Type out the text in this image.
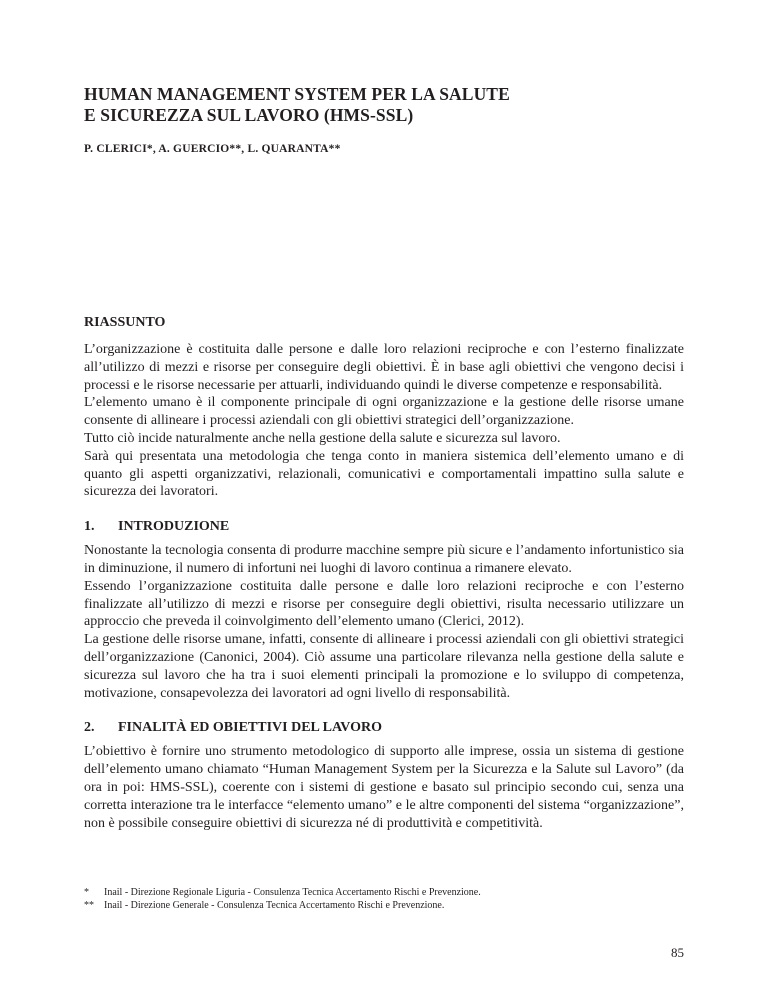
HUMAN MANAGEMENT SYSTEM PER LA SALUTE
E SICUREZZA SUL LAVORO (HMS-SSL)

P. CLERICI*, A. GUERCIO**, L. QUARANTA**

RIASSUNTO

L’organizzazione è costituita dalle persone e dalle loro relazioni reciproche e con l’esterno finalizzate all’utilizzo di mezzi e risorse per conseguire degli obiettivi. È in base agli obiettivi che vengono decisi i processi e le risorse necessarie per attuarli, individuando quindi le diverse competenze e responsabilità.

L’elemento umano è il componente principale di ogni organizzazione e la gestione delle risorse umane consente di allineare i processi aziendali con gli obiettivi strategici dell’organizzazione.

Tutto ciò incide naturalmente anche nella gestione della salute e sicurezza sul lavoro.

Sarà qui presentata una metodologia che tenga conto in maniera sistemica dell’elemento umano e di quanto gli aspetti organizzativi, relazionali, comunicativi e comportamentali impattino sulla salute e sicurezza dei lavoratori.

1. INTRODUZIONE

Nonostante la tecnologia consenta di produrre macchine sempre più sicure e l’andamento infortunistico sia in diminuzione, il numero di infortuni nei luoghi di lavoro continua a rimanere elevato.

Essendo l’organizzazione costituita dalle persone e dalle loro relazioni reciproche e con l’esterno finalizzate all’utilizzo di mezzi e risorse per conseguire degli obiettivi, risulta necessario utilizzare un approccio che preveda il coinvolgimento dell’elemento umano (Clerici, 2012).

La gestione delle risorse umane, infatti, consente di allineare i processi aziendali con gli obiettivi strategici dell’organizzazione (Canonici, 2004). Ciò assume una particolare rilevanza nella gestione della salute e sicurezza sul lavoro che ha tra i suoi elementi principali la promozione e lo sviluppo di competenza, motivazione, consapevolezza dei lavoratori ad ogni livello di responsabilità.

2. FINALITÀ ED OBIETTIVI DEL LAVORO

L’obiettivo è fornire uno strumento metodologico di supporto alle imprese, ossia un sistema di gestione dell’elemento umano chiamato “Human Management System per la Sicurezza e la Salute sul Lavoro” (da ora in poi: HMS-SSL), coerente con i sistemi di gestione e basato sul principio secondo cui, senza una corretta interazione tra le interfacce “elemento umano” e le altre componenti del sistema “organizzazione”, non è possibile conseguire obiettivi di sicurezza né di produttività e competitività.

*	Inail - Direzione Regionale Liguria - Consulenza Tecnica Accertamento Rischi e Prevenzione.
**	Inail - Direzione Generale - Consulenza Tecnica Accertamento Rischi e Prevenzione.
85
